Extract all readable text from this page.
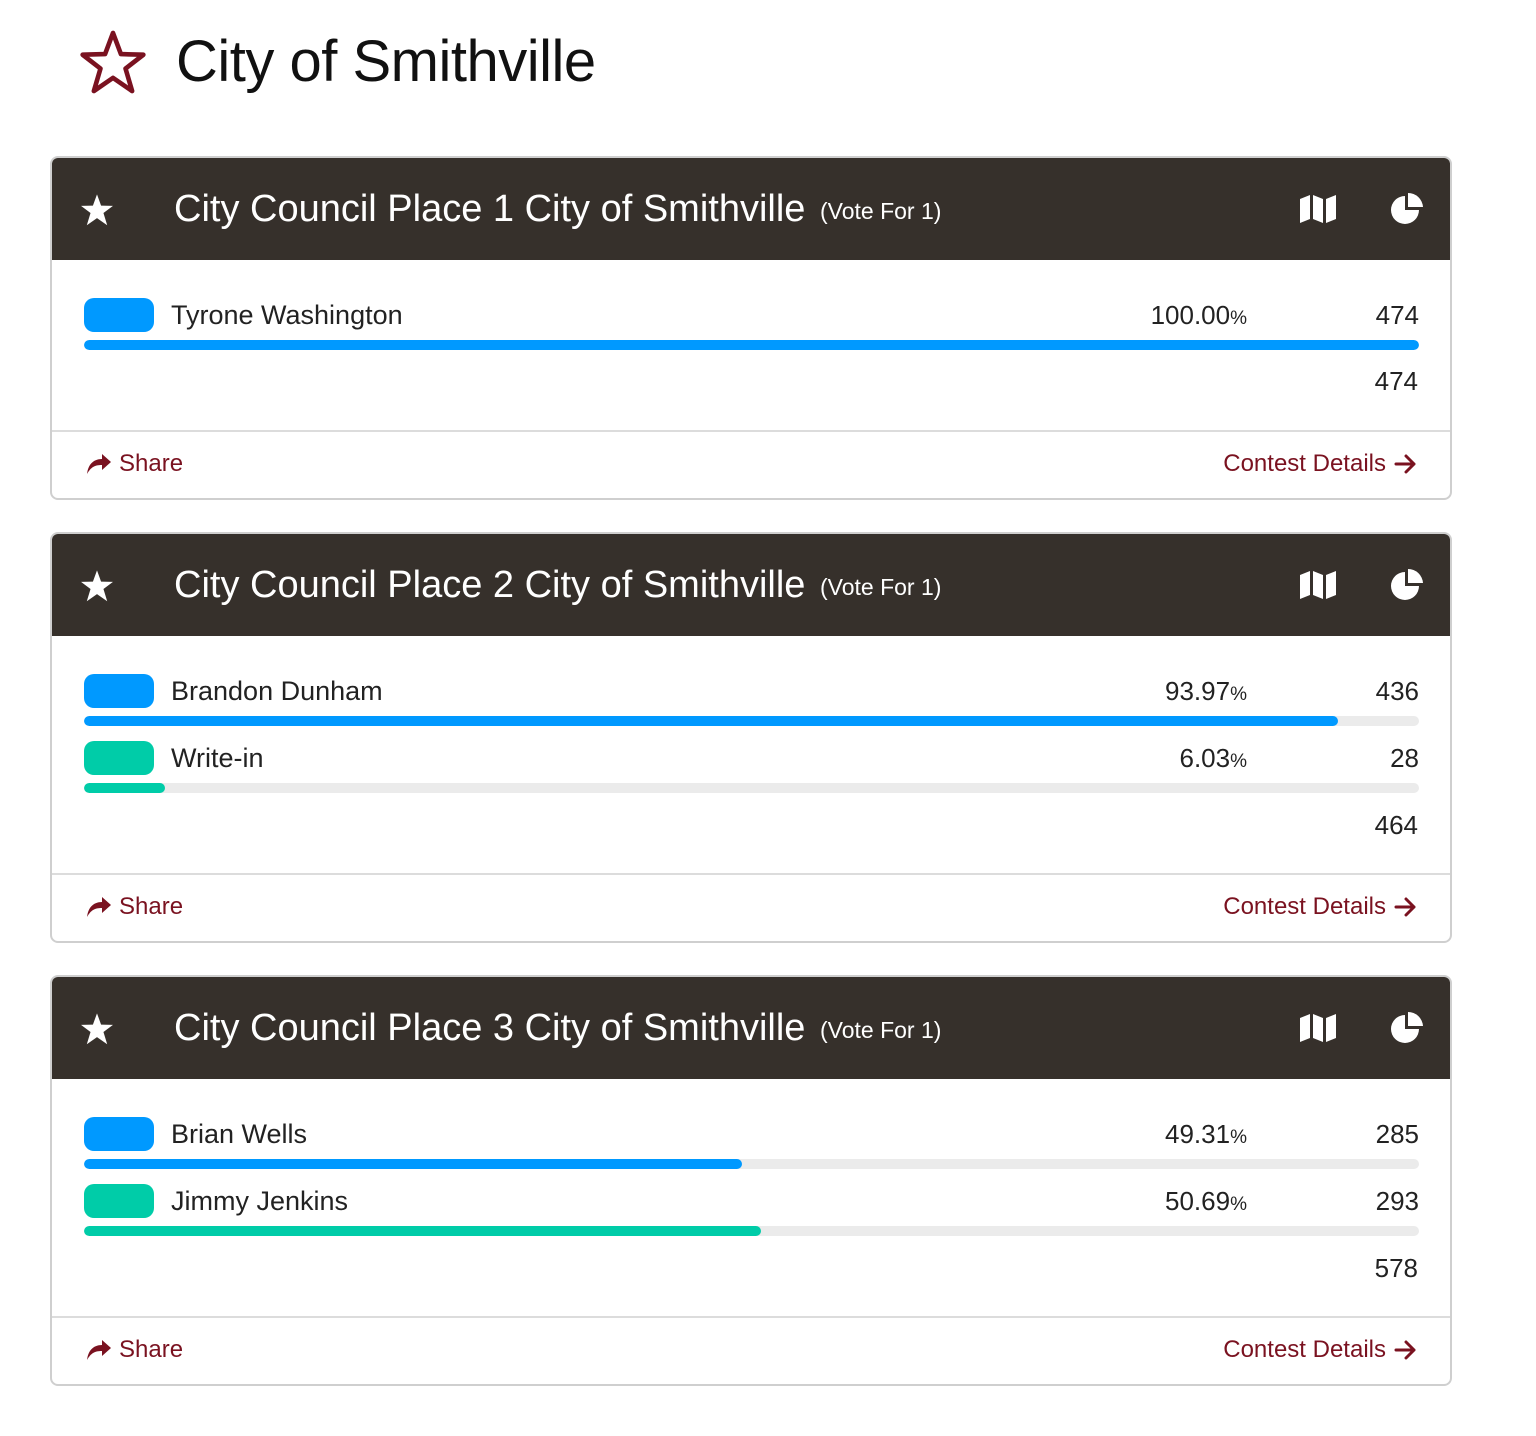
City of Smithville
City Council Place 1 City of Smithville (Vote For 1)
Tyrone Washington	100.00%	474
474
Share	Contest Details
City Council Place 2 City of Smithville (Vote For 1)
Brandon Dunham	93.97%	436
Write-in	6.03%	28
464
Share	Contest Details
City Council Place 3 City of Smithville (Vote For 1)
Brian Wells	49.31%	285
Jimmy Jenkins	50.69%	293
578
Share	Contest Details
